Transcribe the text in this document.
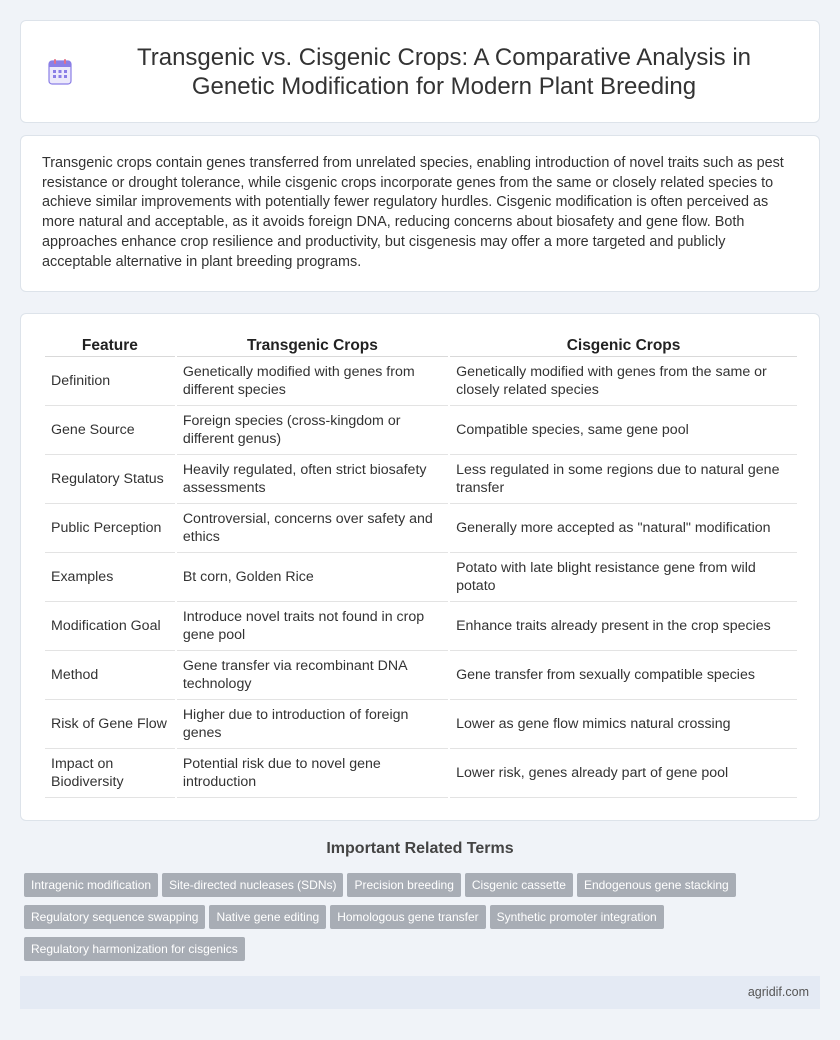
Transgenic vs. Cisgenic Crops: A Comparative Analysis in Genetic Modification for Modern Plant Breeding

Transgenic crops contain genes transferred from unrelated species, enabling introduction of novel traits such as pest resistance or drought tolerance, while cisgenic crops incorporate genes from the same or closely related species to achieve similar improvements with potentially fewer regulatory hurdles. Cisgenic modification is often perceived as more natural and acceptable, as it avoids foreign DNA, reducing concerns about biosafety and gene flow. Both approaches enhance crop resilience and productivity, but cisgenesis may offer a more targeted and publicly acceptable alternative in plant breeding programs.

Feature	Transgenic Crops	Cisgenic Crops
Definition	Genetically modified with genes from different species	Genetically modified with genes from the same or closely related species
Gene Source	Foreign species (cross-kingdom or different genus)	Compatible species, same gene pool
Regulatory Status	Heavily regulated, often strict biosafety assessments	Less regulated in some regions due to natural gene transfer
Public Perception	Controversial, concerns over safety and ethics	Generally more accepted as "natural" modification
Examples	Bt corn, Golden Rice	Potato with late blight resistance gene from wild potato
Modification Goal	Introduce novel traits not found in crop gene pool	Enhance traits already present in the crop species
Method	Gene transfer via recombinant DNA technology	Gene transfer from sexually compatible species
Risk of Gene Flow	Higher due to introduction of foreign genes	Lower as gene flow mimics natural crossing
Impact on Biodiversity	Potential risk due to novel gene introduction	Lower risk, genes already part of gene pool
Important Related Terms
Intragenic modification Site-directed nucleases (SDNs) Precision breeding Cisgenic cassette Endogenous gene stacking
Regulatory sequence swapping Native gene editing Homologous gene transfer Synthetic promoter integration
Regulatory harmonization for cisgenics
agridif.com
